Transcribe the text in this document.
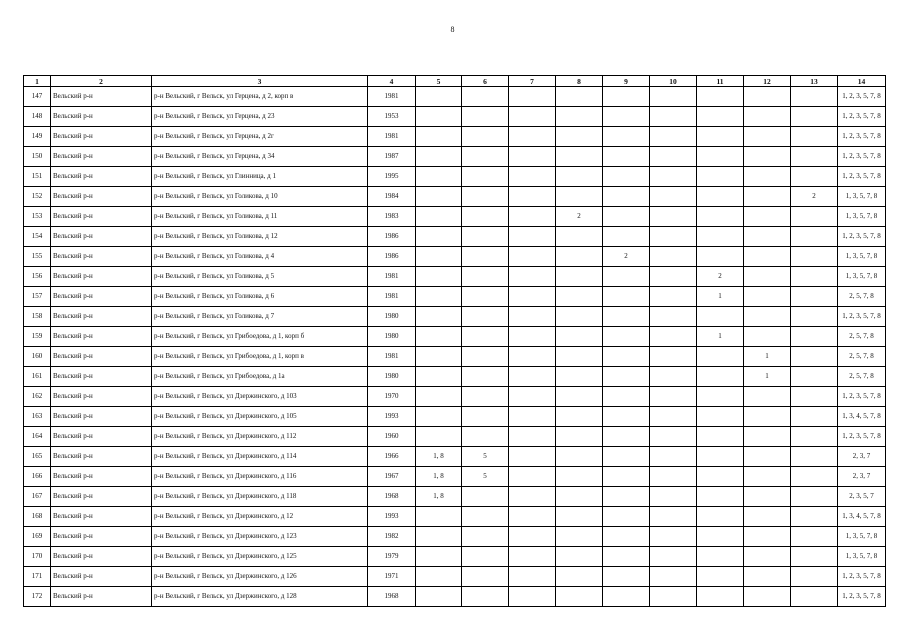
8
1	2	3	4	5	6	7	8	9	10	11	12	13	14
147	Вельский р-н	р-н Вельский, г Вельск, ул Герцена, д 2, корп в	1981										1, 2, 3, 5, 7, 8
148	Вельский р-н	р-н Вельский, г Вельск, ул Герцена, д 23	1953										1, 2, 3, 5, 7, 8
149	Вельский р-н	р-н Вельский, г Вельск, ул Герцена, д 2г	1981										1, 2, 3, 5, 7, 8
150	Вельский р-н	р-н Вельский, г Вельск, ул Герцена, д 34	1987										1, 2, 3, 5, 7, 8
151	Вельский р-н	р-н Вельский, г Вельск, ул Глинница, д 1	1995										1, 2, 3, 5, 7, 8
152	Вельский р-н	р-н Вельский, г Вельск, ул Голикова, д 10	1984									2	1, 3, 5, 7, 8
153	Вельский р-н	р-н Вельский, г Вельск, ул Голикова, д 11	1983				2						1, 3, 5, 7, 8
154	Вельский р-н	р-н Вельский, г Вельск, ул Голикова, д 12	1986										1, 2, 3, 5, 7, 8
155	Вельский р-н	р-н Вельский, г Вельск, ул Голикова, д 4	1986					2					1, 3, 5, 7, 8
156	Вельский р-н	р-н Вельский, г Вельск, ул Голикова, д 5	1981							2			1, 3, 5, 7, 8
157	Вельский р-н	р-н Вельский, г Вельск, ул Голикова, д 6	1981							1			2, 5, 7, 8
158	Вельский р-н	р-н Вельский, г Вельск, ул Голикова, д 7	1980										1, 2, 3, 5, 7, 8
159	Вельский р-н	р-н Вельский, г Вельск, ул Грибоедова, д 1, корп б	1980							1			2, 5, 7, 8
160	Вельский р-н	р-н Вельский, г Вельск, ул Грибоедова, д 1, корп в	1981								1		2, 5, 7, 8
161	Вельский р-н	р-н Вельский, г Вельск, ул Грибоедова, д 1а	1980								1		2, 5, 7, 8
162	Вельский р-н	р-н Вельский, г Вельск, ул Дзержинского, д 103	1970										1, 2, 3, 5, 7, 8
163	Вельский р-н	р-н Вельский, г Вельск, ул Дзержинского, д 105	1993										1, 3, 4, 5, 7, 8
164	Вельский р-н	р-н Вельский, г Вельск, ул Дзержинского, д 112	1960										1, 2, 3, 5, 7, 8
165	Вельский р-н	р-н Вельский, г Вельск, ул Дзержинского, д 114	1966	1, 8	5								2, 3, 7
166	Вельский р-н	р-н Вельский, г Вельск, ул Дзержинского, д 116	1967	1, 8	5								2, 3, 7
167	Вельский р-н	р-н Вельский, г Вельск, ул Дзержинского, д 118	1968	1, 8									2, 3, 5, 7
168	Вельский р-н	р-н Вельский, г Вельск, ул Дзержинского, д 12	1993										1, 3, 4, 5, 7, 8
169	Вельский р-н	р-н Вельский, г Вельск, ул Дзержинского, д 123	1982										1, 3, 5, 7, 8
170	Вельский р-н	р-н Вельский, г Вельск, ул Дзержинского, д 125	1979										1, 3, 5, 7, 8
171	Вельский р-н	р-н Вельский, г Вельск, ул Дзержинского, д 126	1971										1, 2, 3, 5, 7, 8
172	Вельский р-н	р-н Вельский, г Вельск, ул Дзержинского, д 128	1968										1, 2, 3, 5, 7, 8
